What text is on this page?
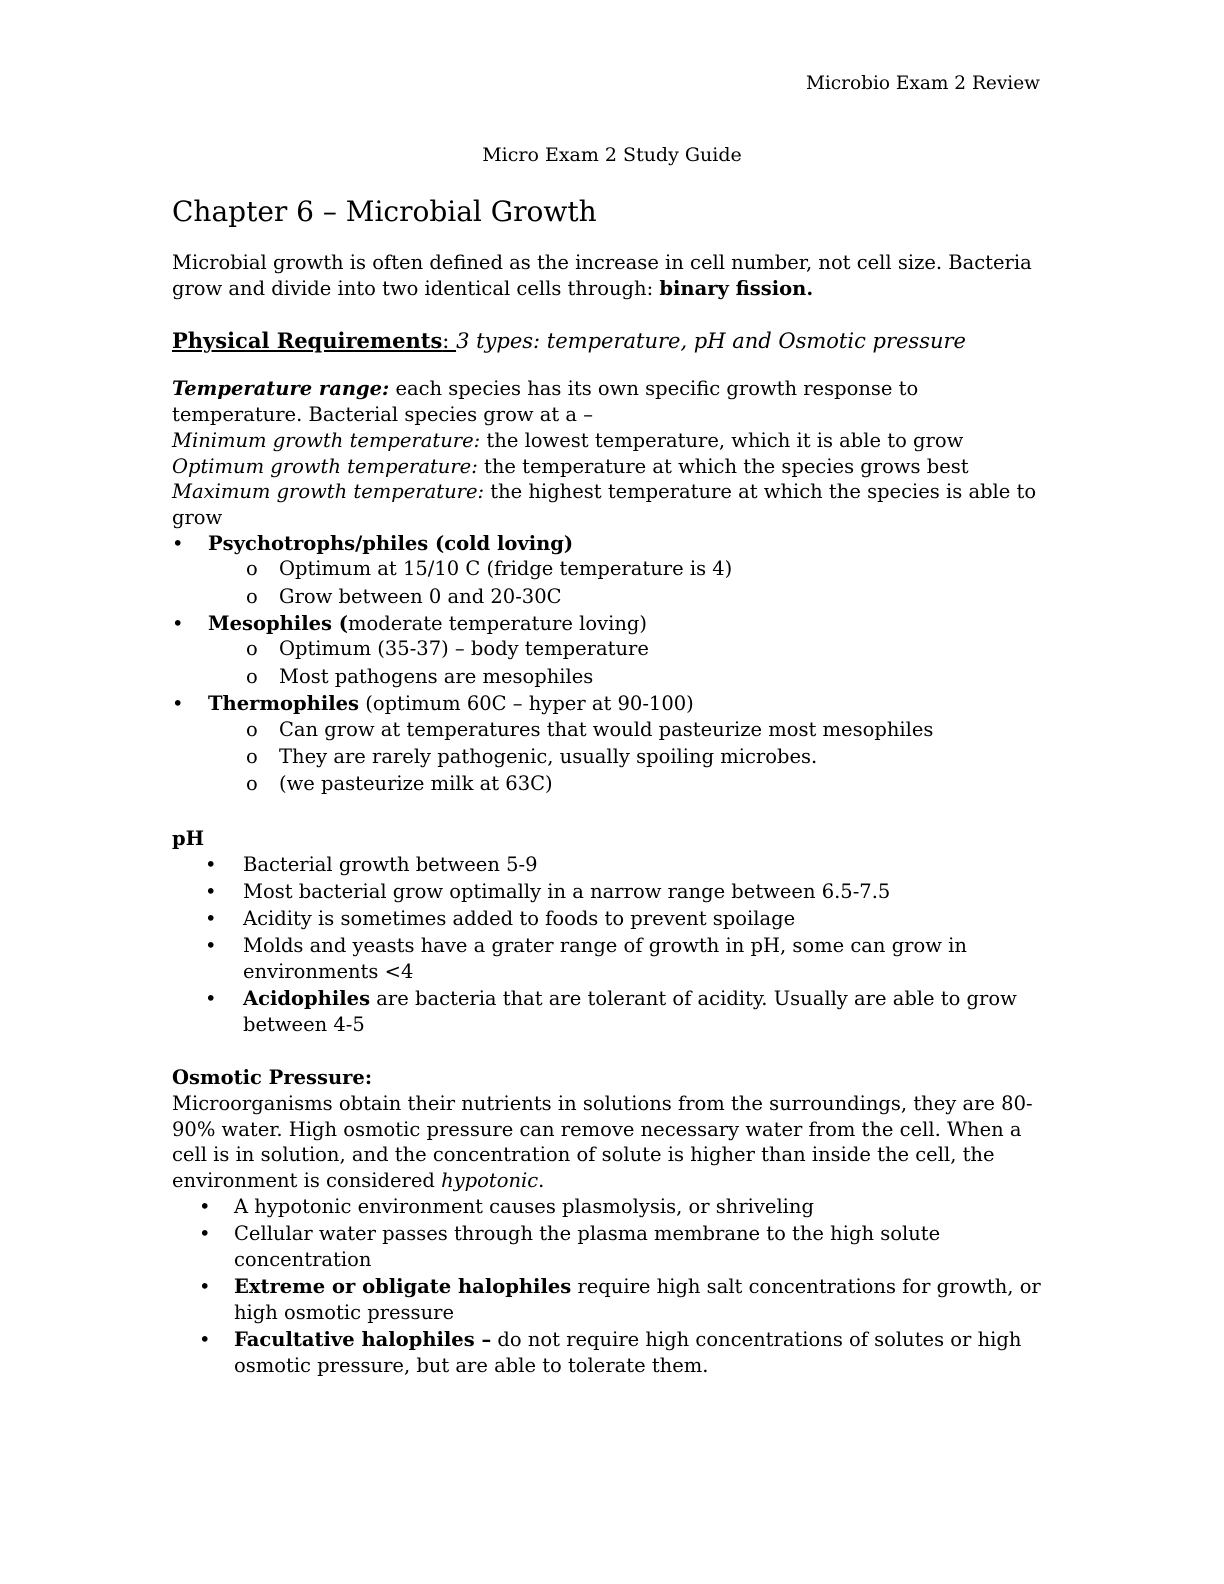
Microbio Exam 2 Review
Micro Exam 2 Study Guide
Chapter 6 – Microbial Growth

Microbial growth is often defined as the increase in cell number, not cell size. Bacteria grow and divide into two identical cells through: binary fission.

Physical Requirements: 3 types: temperature, pH and Osmotic pressure

Temperature range: each species has its own specific growth response to temperature. Bacterial species grow at a –

Minimum growth temperature: the lowest temperature, which it is able to grow

Optimum growth temperature: the temperature at which the species grows best

Maximum growth temperature: the highest temperature at which the species is able to grow

• Psychotrophs/philes (cold loving)
o Optimum at 15/10 C (fridge temperature is 4)
o Grow between 0 and 20-30C
• Mesophiles (moderate temperature loving)
o Optimum (35-37) – body temperature
o Most pathogens are mesophiles
• Thermophiles (optimum 60C – hyper at 90-100)
o Can grow at temperatures that would pasteurize most mesophiles
o They are rarely pathogenic, usually spoiling microbes.
o (we pasteurize milk at 63C)

pH

• Bacterial growth between 5-9
• Most bacterial grow optimally in a narrow range between 6.5-7.5
• Acidity is sometimes added to foods to prevent spoilage
• Molds and yeasts have a grater range of growth in pH, some can grow in environments <4
• Acidophiles are bacteria that are tolerant of acidity. Usually are able to grow between 4-5

Osmotic Pressure:

Microorganisms obtain their nutrients in solutions from the surroundings, they are 80-90% water. High osmotic pressure can remove necessary water from the cell. When a cell is in solution, and the concentration of solute is higher than inside the cell, the environment is considered hypotonic.

• A hypotonic environment causes plasmolysis, or shriveling
• Cellular water passes through the plasma membrane to the high solute concentration
• Extreme or obligate halophiles require high salt concentrations for growth, or high osmotic pressure
• Facultative halophiles – do not require high concentrations of solutes or high osmotic pressure, but are able to tolerate them.
